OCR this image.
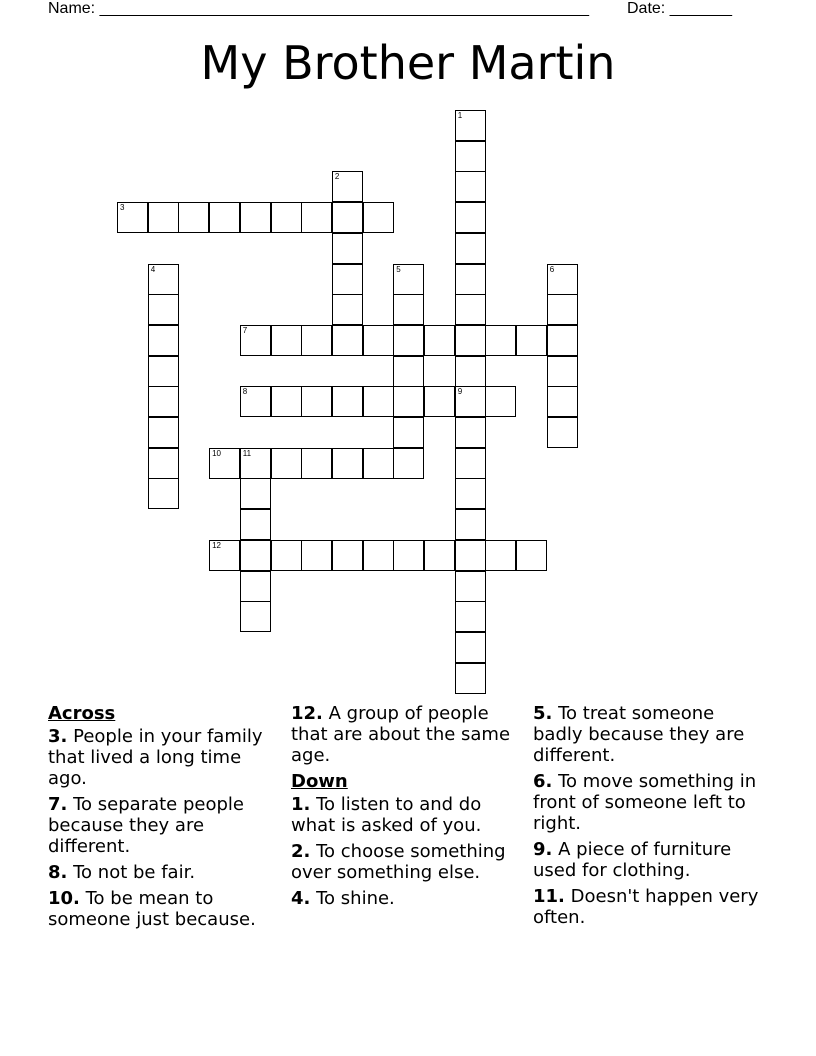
Name: _______________________________________________________ Date: _______
My Brother Martin
3
7
8	9
10	11
12
1
2
4	5	6
Across
3. People in your family that lived a long time ago.
7. To separate people because they are different.
8. To not be fair.
10. To be mean to someone just because.
12. A group of people that are about the same age.
Down
1. To listen to and do what is asked of you.
2. To choose something over something else.
4. To shine.
5. To treat someone badly because they are different.
6. To move something in front of someone left to right.
9. A piece of furniture used for clothing.
11. Doesn't happen very often.
